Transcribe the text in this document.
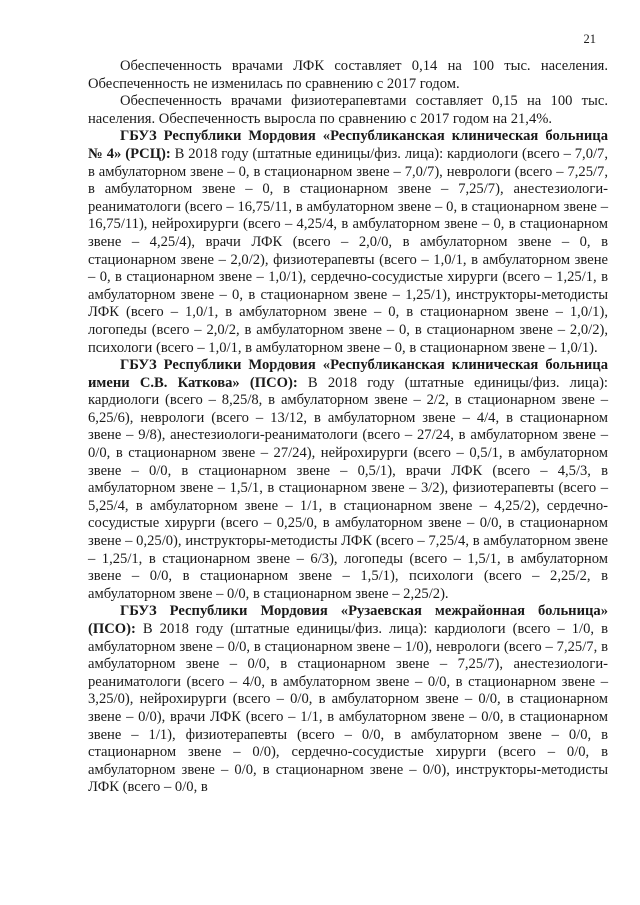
21

Обеспеченность врачами ЛФК составляет 0,14 на 100 тыс. населения. Обеспеченность не изменилась по сравнению с 2017 годом.

Обеспеченность врачами физиотерапевтами составляет 0,15 на 100 тыс. населения. Обеспеченность выросла по сравнению с 2017 годом на 21,4%.

ГБУЗ Республики Мордовия «Республиканская клиническая больница № 4» (РСЦ): В 2018 году (штатные единицы/физ. лица): кардиологи (всего – 7,0/7, в амбулаторном звене – 0, в стационарном звене – 7,0/7), неврологи (всего – 7,25/7, в амбулаторном звене – 0, в стационарном звене – 7,25/7), анестезиологи-реаниматологи (всего – 16,75/11, в амбулаторном звене – 0, в стационарном звене – 16,75/11), нейрохирурги (всего – 4,25/4, в амбулаторном звене – 0, в стационарном звене – 4,25/4), врачи ЛФК (всего – 2,0/0, в амбулаторном звене – 0, в стационарном звене – 2,0/2), физиотерапевты (всего – 1,0/1, в амбулаторном звене – 0, в стационарном звене – 1,0/1), сердечно-сосудистые хирурги (всего – 1,25/1, в амбулаторном звене – 0, в стационарном звене – 1,25/1), инструкторы-методисты ЛФК (всего – 1,0/1, в амбулаторном звене – 0, в стационарном звене – 1,0/1), логопеды (всего – 2,0/2, в амбулаторном звене – 0, в стационарном звене – 2,0/2), психологи (всего – 1,0/1, в амбулаторном звене – 0, в стационарном звене – 1,0/1).

ГБУЗ Республики Мордовия «Республиканская клиническая больница имени С.В. Каткова» (ПСО): В 2018 году (штатные единицы/физ. лица): кардиологи (всего – 8,25/8, в амбулаторном звене – 2/2, в стационарном звене – 6,25/6), неврологи (всего – 13/12, в амбулаторном звене – 4/4, в стационарном звене – 9/8), анестезиологи-реаниматологи (всего – 27/24, в амбулаторном звене – 0/0, в стационарном звене – 27/24), нейрохирурги (всего – 0,5/1, в амбулаторном звене – 0/0, в стационарном звене – 0,5/1), врачи ЛФК (всего – 4,5/3, в амбулаторном звене – 1,5/1, в стационарном звене – 3/2), физиотерапевты (всего – 5,25/4, в амбулаторном звене – 1/1, в стационарном звене – 4,25/2), сердечно-сосудистые хирурги (всего – 0,25/0, в амбулаторном звене – 0/0, в стационарном звене – 0,25/0), инструкторы-методисты ЛФК (всего – 7,25/4, в амбулаторном звене – 1,25/1, в стационарном звене – 6/3), логопеды (всего – 1,5/1, в амбулаторном звене – 0/0, в стационарном звене – 1,5/1), психологи (всего – 2,25/2, в амбулаторном звене – 0/0, в стационарном звене – 2,25/2).

ГБУЗ Республики Мордовия «Рузаевская межрайонная больница» (ПСО): В 2018 году (штатные единицы/физ. лица): кардиологи (всего – 1/0, в амбулаторном звене – 0/0, в стационарном звене – 1/0), неврологи (всего – 7,25/7, в амбулаторном звене – 0/0, в стационарном звене – 7,25/7), анестезиологи-реаниматологи (всего – 4/0, в амбулаторном звене – 0/0, в стационарном звене – 3,25/0), нейрохирурги (всего – 0/0, в амбулаторном звене – 0/0, в стационарном звене – 0/0), врачи ЛФК (всего – 1/1, в амбулаторном звене – 0/0, в стационарном звене – 1/1), физиотерапевты (всего – 0/0, в амбулаторном звене – 0/0, в стационарном звене – 0/0), сердечно-сосудистые хирурги (всего – 0/0, в амбулаторном звене – 0/0, в стационарном звене – 0/0), инструкторы-методисты ЛФК (всего – 0/0, в
